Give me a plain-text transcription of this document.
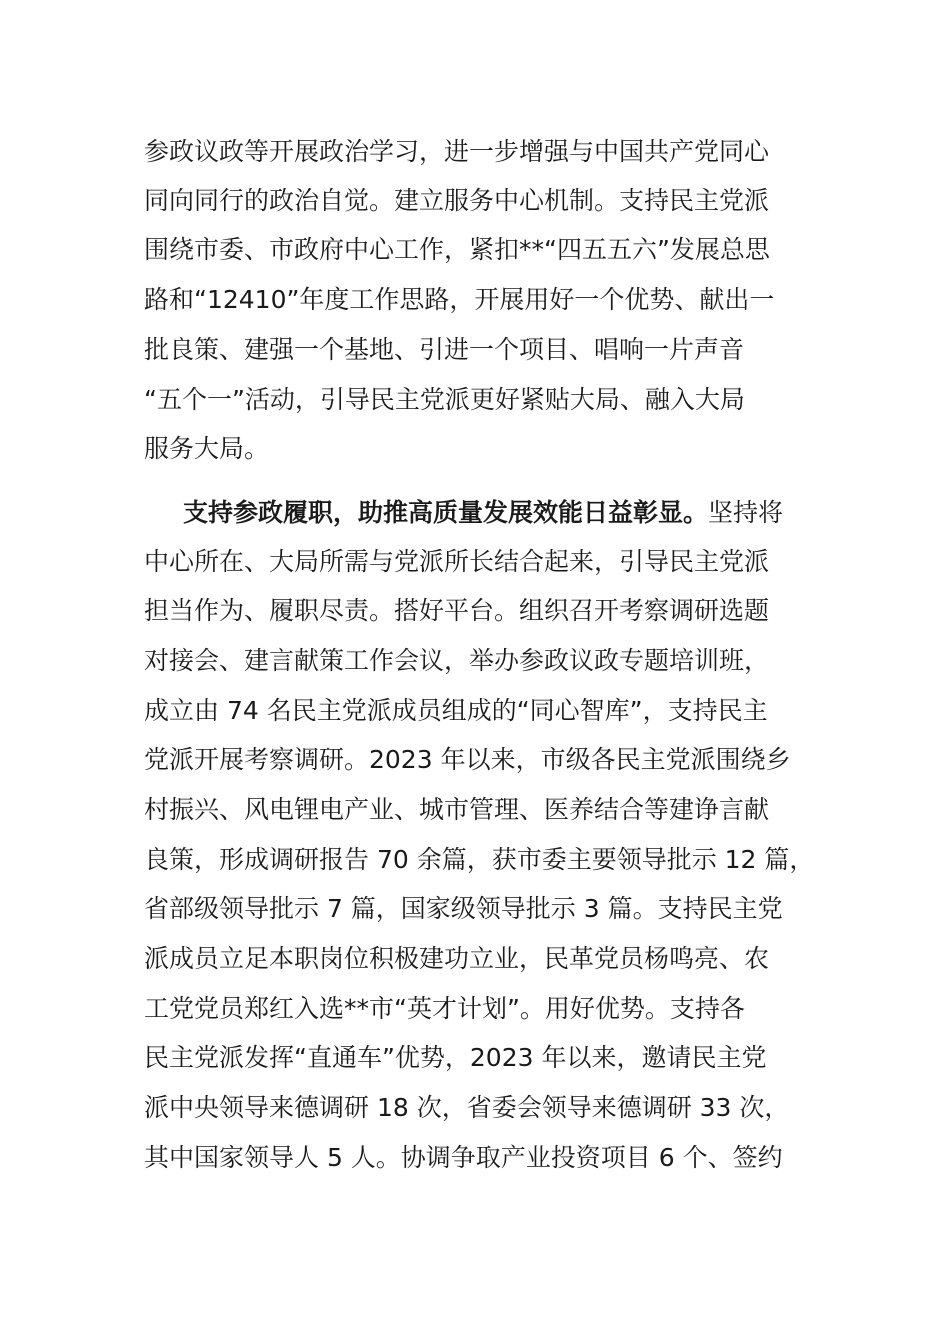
参政议政等开展政治学习，进一步增强与中国共产党同心
同向同行的政治自觉。建立服务中心机制。支持民主党派
围绕市委、市政府中心工作，紧扣**“四五五六”发展总思
路和“12410”年度工作思路，开展用好一个优势、献出一
批良策、建强一个基地、引进一个项目、唱响一片声音
“五个一”活动，引导民主党派更好紧贴大局、融入大局
服务大局。
支持参政履职，助推高质量发展效能日益彰显。坚持将
中心所在、大局所需与党派所长结合起来，引导民主党派
担当作为、履职尽责。搭好平台。组织召开考察调研选题
对接会、建言献策工作会议，举办参政议政专题培训班，
成立由 74 名民主党派成员组成的“同心智库”，支持民主
党派开展考察调研。2023 年以来，市级各民主党派围绕乡
村振兴、风电锂电产业、城市管理、医养结合等建诤言献
良策，形成调研报告 70 余篇，获市委主要领导批示 12 篇，
省部级领导批示 7 篇，国家级领导批示 3 篇。支持民主党
派成员立足本职岗位积极建功立业，民革党员杨鸣亮、农
工党党员郑红入选**市“英才计划”。用好优势。支持各
民主党派发挥“直通车”优势，2023 年以来，邀请民主党
派中央领导来德调研 18 次，省委会领导来德调研 33 次，
其中国家领导人 5 人。协调争取产业投资项目 6 个、签约
